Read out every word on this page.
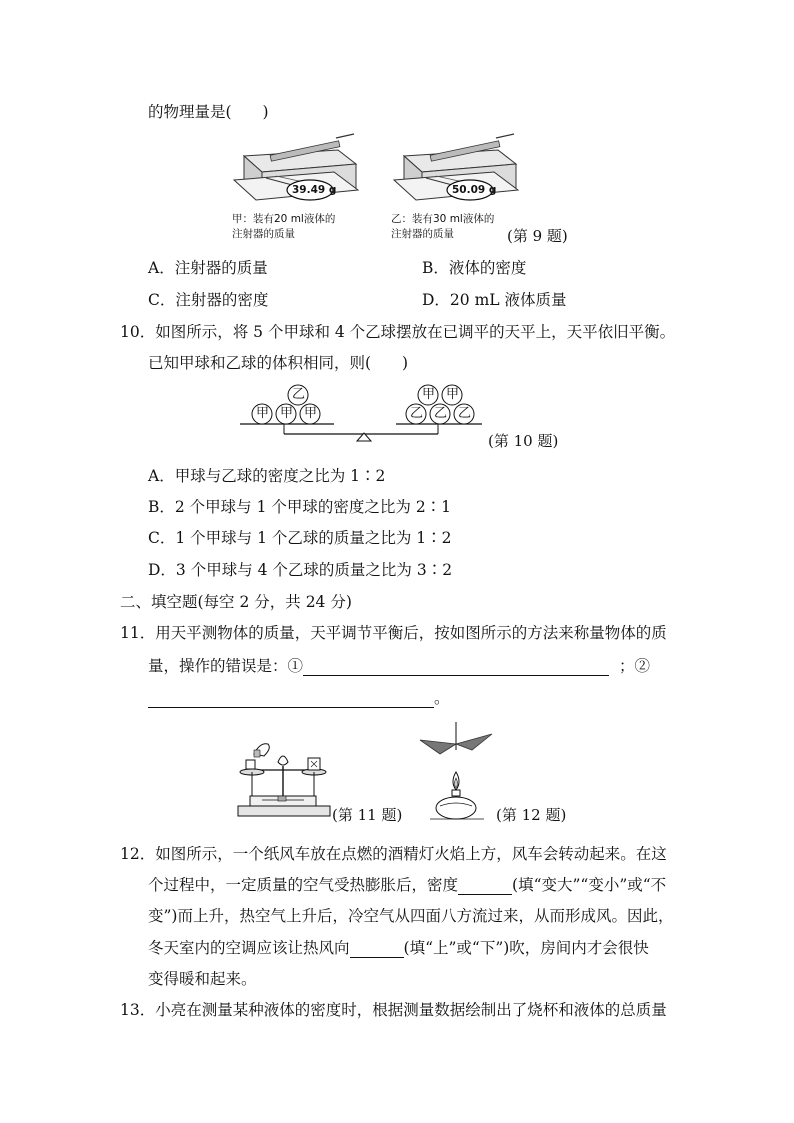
的物理量是(　　)
39.49 g	50.09 g
甲：装有20 ml液体的
注射器的质量
乙：装有30 ml液体的
注射器的质量	(第 9 题)
A．注射器的质量	B．液体的密度
C．注射器的密度	D．20 mL 液体质量
10．如图所示，将 5 个甲球和 4 个乙球摆放在已调平的天平上，天平依旧平衡。
已知甲球和乙球的体积相同，则(　　)
甲 甲 甲
乙
乙 乙 乙
甲 甲
(第 10 题)
A．甲球与乙球的密度之比为 1∶2
B．2 个甲球与 1 个甲球的密度之比为 2∶1
C．1 个甲球与 1 个乙球的质量之比为 1∶2
D．3 个甲球与 4 个乙球的质量之比为 3∶2
二、填空题(每空 2 分，共 24 分)
11．用天平测物体的质量，天平调节平衡后，按如图所示的方法来称量物体的质
量，操作的错误是：①	；②
。
(第 11 题)	(第 12 题)
12．如图所示，一个纸风车放在点燃的酒精灯火焰上方，风车会转动起来。在这
个过程中，一定质量的空气受热膨胀后，密度	(填“变大”“变小”或“不
变”)而上升，热空气上升后，冷空气从四面八方流过来，从而形成风。因此，
冬天室内的空调应该让热风向	(填“上”或“下”)吹，房间内才会很快
变得暖和起来。
13．小亮在测量某种液体的密度时，根据测量数据绘制出了烧杯和液体的总质量
